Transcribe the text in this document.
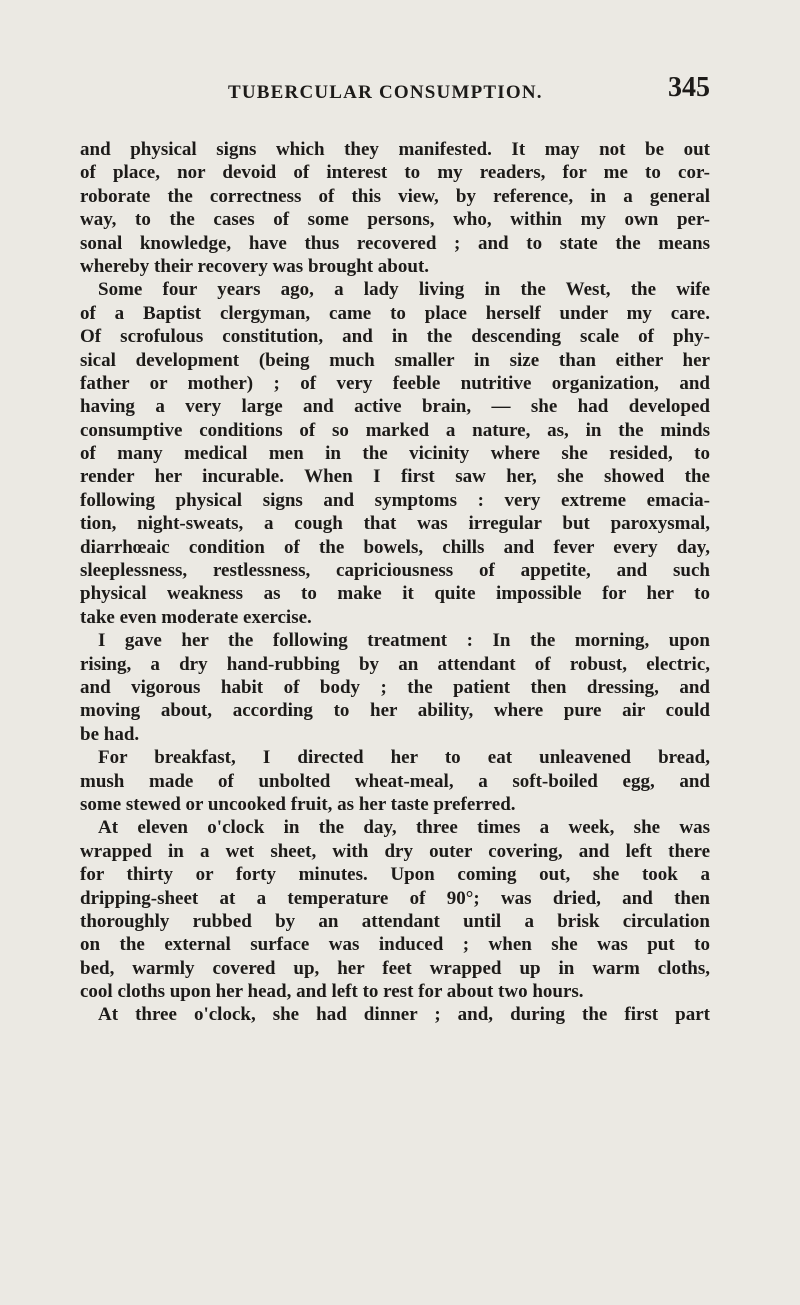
TUBERCULAR CONSUMPTION.	345
and physical signs which they manifested. It may not be out
of place, nor devoid of interest to my readers, for me to cor-
roborate the correctness of this view, by reference, in a general
way, to the cases of some persons, who, within my own per-
sonal knowledge, have thus recovered ; and to state the means
whereby their recovery was brought about.
Some four years ago, a lady living in the West, the wife
of a Baptist clergyman, came to place herself under my care.
Of scrofulous constitution, and in the descending scale of phy-
sical development (being much smaller in size than either her
father or mother) ; of very feeble nutritive organization, and
having a very large and active brain, — she had developed
consumptive conditions of so marked a nature, as, in the minds
of many medical men in the vicinity where she resided, to
render her incurable. When I first saw her, she showed the
following physical signs and symptoms : very extreme emacia-
tion, night-sweats, a cough that was irregular but paroxysmal,
diarrhœaic condition of the bowels, chills and fever every day,
sleeplessness, restlessness, capriciousness of appetite, and such
physical weakness as to make it quite impossible for her to
take even moderate exercise.
I gave her the following treatment : In the morning, upon
rising, a dry hand-rubbing by an attendant of robust, electric,
and vigorous habit of body ; the patient then dressing, and
moving about, according to her ability, where pure air could
be had.
For breakfast, I directed her to eat unleavened bread,
mush made of unbolted wheat-meal, a soft-boiled egg, and
some stewed or uncooked fruit, as her taste preferred.
At eleven o'clock in the day, three times a week, she was
wrapped in a wet sheet, with dry outer covering, and left there
for thirty or forty minutes. Upon coming out, she took a
dripping-sheet at a temperature of 90°; was dried, and then
thoroughly rubbed by an attendant until a brisk circulation
on the external surface was induced ; when she was put to
bed, warmly covered up, her feet wrapped up in warm cloths,
cool cloths upon her head, and left to rest for about two hours.
At three o'clock, she had dinner ; and, during the first part
